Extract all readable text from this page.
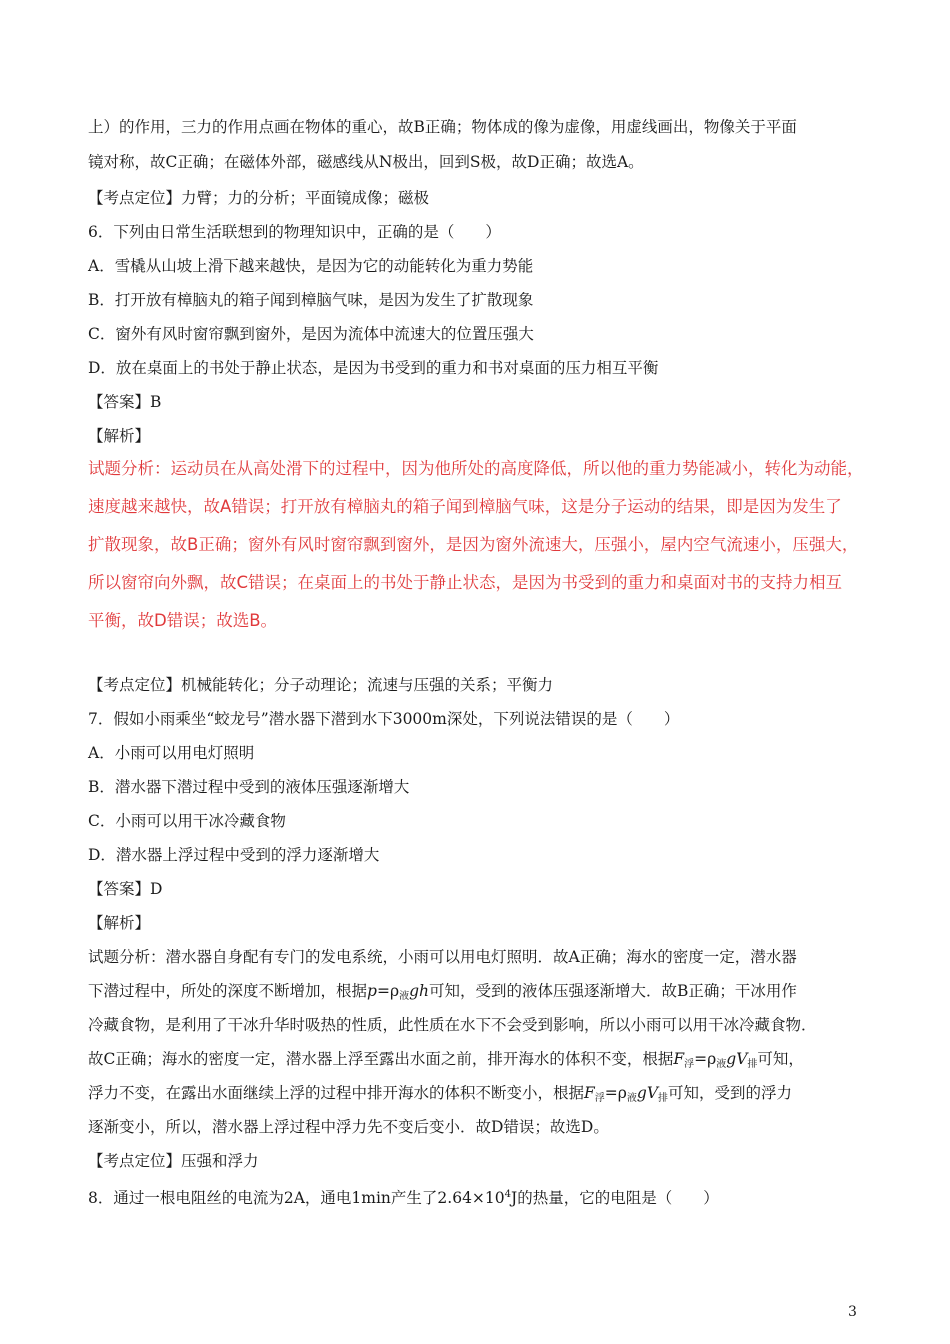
上）的作用，三力的作用点画在物体的重心，故B正确；物体成的像为虚像，用虚线画出，物像关于平面
镜对称，故C正确；在磁体外部，磁感线从N极出，回到S极，故D正确；故选A。
【考点定位】力臂；力的分析；平面镜成像；磁极
6．下列由日常生活联想到的物理知识中，正确的是（　　）
A．雪橇从山坡上滑下越来越快，是因为它的动能转化为重力势能
B．打开放有樟脑丸的箱子闻到樟脑气味，是因为发生了扩散现象
C．窗外有风时窗帘飘到窗外，是因为流体中流速大的位置压强大
D．放在桌面上的书处于静止状态，是因为书受到的重力和书对桌面的压力相互平衡
【答案】B
【解析】
试题分析：运动员在从高处滑下的过程中，因为他所处的高度降低，所以他的重力势能减小，转化为动能，
速度越来越快，故A错误；打开放有樟脑丸的箱子闻到樟脑气味，这是分子运动的结果，即是因为发生了
扩散现象，故B正确；窗外有风时窗帘飘到窗外，是因为窗外流速大，压强小，屋内空气流速小，压强大，
所以窗帘向外飘，故C错误；在桌面上的书处于静止状态，是因为书受到的重力和桌面对书的支持力相互
平衡，故D错误；故选B。
【考点定位】机械能转化；分子动理论；流速与压强的关系；平衡力
7．假如小雨乘坐“蛟龙号”潜水器下潜到水下3000m深处，下列说法错误的是（　　）
A．小雨可以用电灯照明
B．潜水器下潜过程中受到的液体压强逐渐增大
C．小雨可以用干冰冷藏食物
D．潜水器上浮过程中受到的浮力逐渐增大
【答案】D
【解析】
试题分析：潜水器自身配有专门的发电系统，小雨可以用电灯照明．故A正确；海水的密度一定，潜水器
下潜过程中，所处的深度不断增加，根据$p=\rho_液gh$可知，受到的液体压强逐渐增大．故B正确；干冰用作
冷藏食物，是利用了干冰升华时吸热的性质，此性质在水下不会受到影响，所以小雨可以用干冰冷藏食物．
故C正确；海水的密度一定，潜水器上浮至露出水面之前，排开海水的体积不变，根据$F_浮=\rho_液gV_排$可知，
浮力不变，在露出水面继续上浮的过程中排开海水的体积不断变小，根据$F_浮=\rho_液gV_排$可知，受到的浮力
逐渐变小，所以，潜水器上浮过程中浮力先不变后变小．故D错误；故选D。
【考点定位】压强和浮力
8．通过一根电阻丝的电流为2A，通电1min产生了$2.64\times 10^4J$的热量，它的电阻是（　　）
3
